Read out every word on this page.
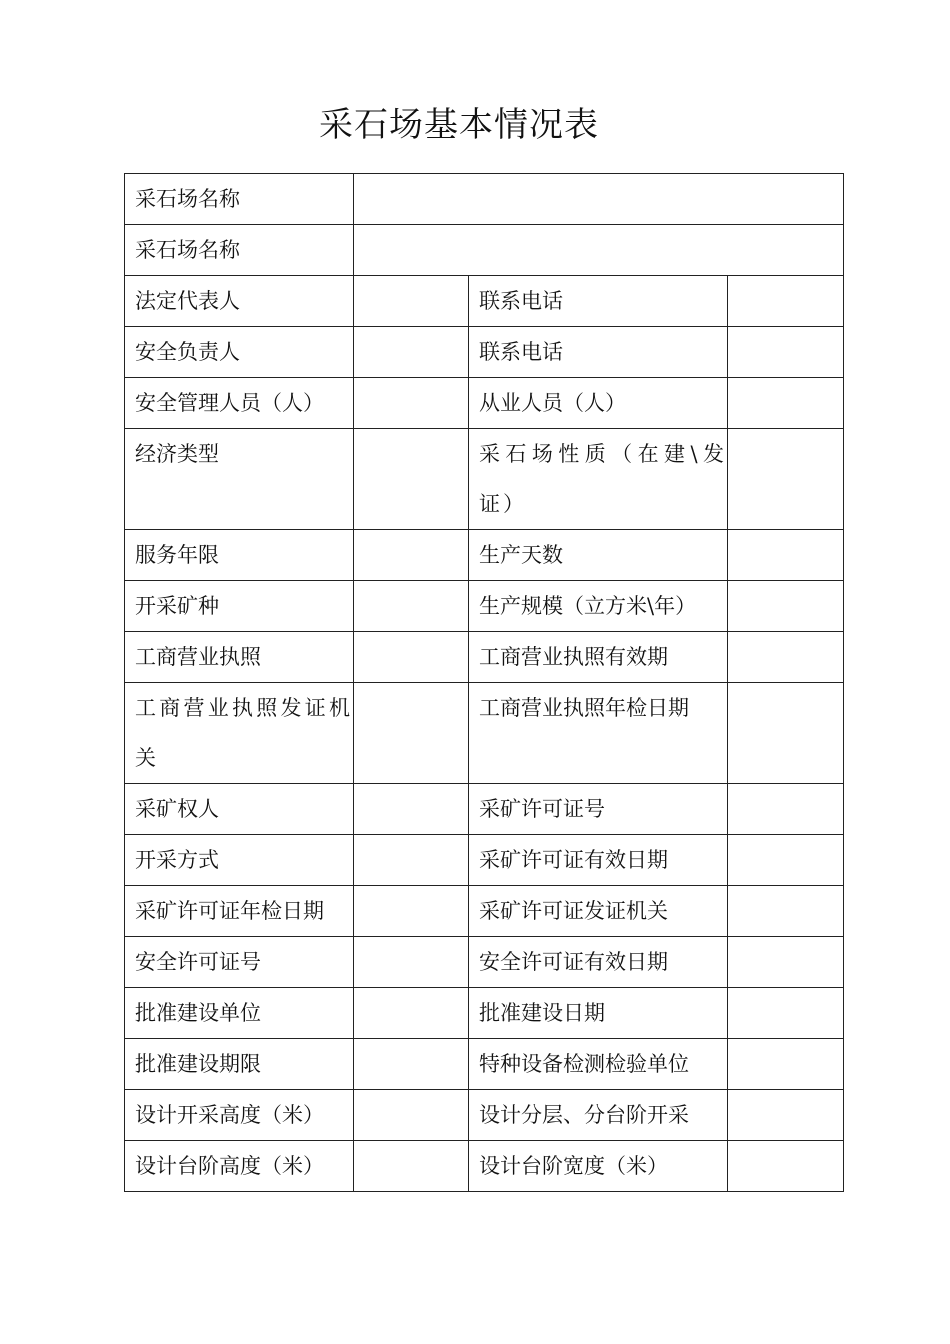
采石场基本情况表
采石场名称			
采石场名称			
法定代表人		联系电话	
安全负责人		联系电话	
安全管理人员（人）		从业人员（人）	
经济类型		采石场性质（在建\发证）	
服务年限		生产天数	
开采矿种		生产规模（立方米\年）	
工商营业执照		工商营业执照有效期	
工商营业执照发证机关		工商营业执照年检日期	
采矿权人		采矿许可证号	
开采方式		采矿许可证有效日期	
采矿许可证年检日期		采矿许可证发证机关	
安全许可证号		安全许可证有效日期	
批准建设单位		批准建设日期	
批准建设期限		特种设备检测检验单位	
设计开采高度（米）		设计分层、分台阶开采	
设计台阶高度（米）		设计台阶宽度（米）	
